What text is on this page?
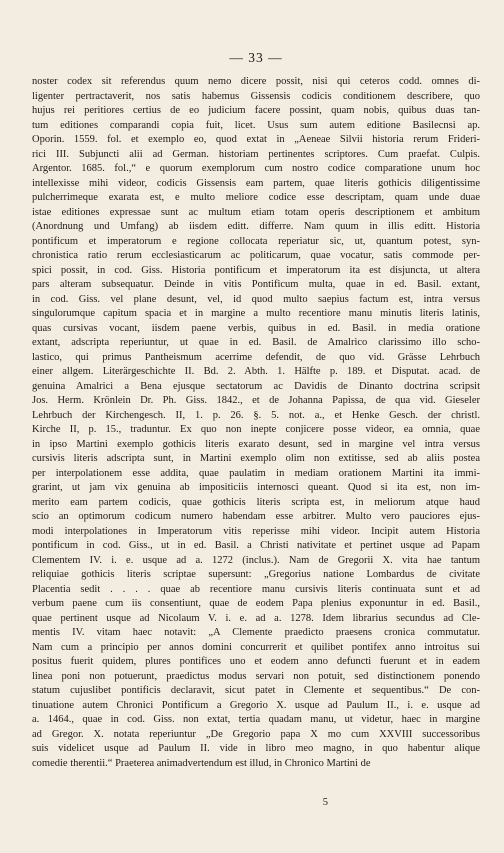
— 33 —
noster codex sit referendus quum nemo dicere possit, nisi qui ceteros codd. omnes di-
ligenter pertractaverit, nos satis habemus Gissensis codicis conditionem describere, quo
hujus rei peritiores certius de eo judicium facere possint, quam nobis, quibus duas tan-
tum editiones comparandi copia fuit, licet. Usus sum autem editione Basilecnsi ap.
Oporin. 1559. fol. et exemplo eo, quod extat in „Aeneae Silvii historia rerum Frideri-
rici III. Subjuncti alii ad German. historiam pertinentes scriptores. Cum praefat. Culpis.
Argentor. 1685. fol.,“ e quorum exemplorum cum nostro codice comparatione unum hoc
intellexisse mihi videor, codicis Gissensis eam partem, quae literis gothicis diligentissime
pulcherrimeque exarata est, e multo meliore codice esse descriptam, quam unde duae
istae editiones expressae sunt ac multum etiam totam operis descriptionem et ambitum
(Anordnung und Umfang) ab iisdem editt. differre. Nam quum in illis editt. Historia
pontificum et imperatorum e regione collocata reperiatur sic, ut, quantum potest, syn-
chronistica ratio rerum ecclesiasticarum ac politicarum, quae vocatur, satis commode per-
spici possit, in cod. Giss. Historia pontificum et imperatorum ita est disjuncta, ut altera
pars alteram subsequatur. Deinde in vitis Pontificum multa, quae in ed. Basil. extant,
in cod. Giss. vel plane desunt, vel, id quod multo saepius factum est, intra versus
singulorumque capitum spacia et in margine a multo recentiore manu minutis literis latinis,
quas cursivas vocant, iisdem paene verbis, quibus in ed. Basil. in media oratione
extant, adscripta reperiuntur, ut quae in ed. Basil. de Amalrico clarissimo illo scho-
lastico, qui primus Pantheismum acerrime defendit, de quo vid. Grässe Lehrbuch
einer allgem. Literärgeschichte II. Bd. 2. Abth. 1. Hälfte p. 189. et Disputat. acad. de
genuina Amalrici a Bena ejusque sectatorum ac Davidis de Dinanto doctrina scripsit
Jos. Herm. Krönlein Dr. Ph. Giss. 1842., et de Johanna Papissa, de qua vid. Gieseler
Lehrbuch der Kirchengesch. II, 1. p. 26. §. 5. not. a., et Henke Gesch. der christl.
Kirche II, p. 15., traduntur. Ex quo non inepte conjicere posse videor, ea omnia, quae
in ipso Martini exemplo gothicis literis exarato desunt, sed in margine vel intra versus
cursivis literis adscripta sunt, in Martini exemplo olim non extitisse, sed ab aliis postea
per interpolationem esse addita, quae paulatim in mediam orationem Martini ita immi-
grarint, ut jam vix genuina ab impositiciis internosci queant. Quod si ita est, non im-
merito eam partem codicis, quae gothicis literis scripta est, in meliorum atque haud
scio an optimorum codicum numero habendam esse arbitrer. Multo vero pauciores ejus-
modi interpolationes in Imperatorum vitis reperisse mihi videor. Incipit autem Historia
pontificum in cod. Giss., ut in ed. Basil. a Christi nativitate et pertinet usque ad Papam
Clementem IV. i. e. usque ad a. 1272 (inclus.). Nam de Gregorii X. vita hae tantum
reliquiae gothicis literis scriptae supersunt: „Gregorius natione Lombardus de civitate
Placentia sedit . . . . quae ab recentiore manu cursivis literis continuata sunt et ad
verbum paene cum iis consentiunt, quae de eodem Papa plenius exponuntur in ed. Basil.,
quae pertinent usque ad Nicolaum V. i. e. ad a. 1278. Idem librarius secundus ad Cle-
mentis IV. vitam haec notavit: „A Clemente praedicto praesens cronica commutatur.
Nam cum a principio per annos domini concurrerit et quilibet pontifex anno introitus sui
positus fuerit quidem, plures pontifices uno et eodem anno defuncti fuerunt et in eadem
linea poni non potuerunt, praedictus modus servari non potuit, sed distinctionem ponendo
statum cujuslibet pontificis declaravit, sicut patet in Clemente et sequentibus.“ De con-
tinuatione autem Chronici Pontificum a Gregorio X. usque ad Paulum II., i. e. usque ad
a. 1464., quae in cod. Giss. non extat, tertia quadam manu, ut videtur, haec in margine
ad Gregor. X. notata reperiuntur „De Gregorio papa X mo cum XXVIII successoribus
suis videlicet usque ad Paulum II. vide in libro meo magno, in quo habentur alique
comedie therentii.“ Praeterea animadvertendum est illud, in Chronico Martini de
5
